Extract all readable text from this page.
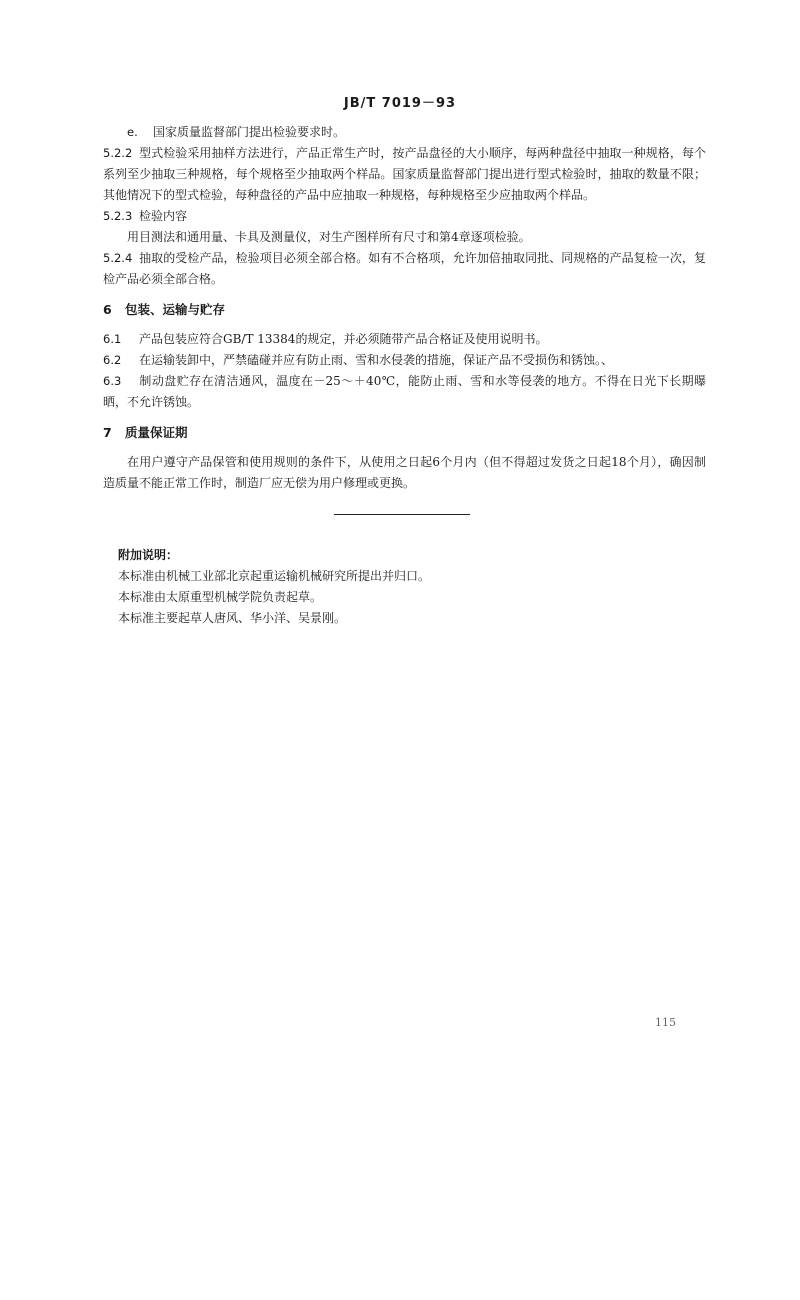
JB/T 7019－93

e. 国家质量监督部门提出检验要求时。

5.2.2 型式检验采用抽样方法进行，产品正常生产时，按产品盘径的大小顺序，每两种盘径中抽取一种规格，每个系列至少抽取三种规格，每个规格至少抽取两个样品。国家质量监督部门提出进行型式检验时，抽取的数量不限；其他情况下的型式检验，每种盘径的产品中应抽取一种规格，每种规格至少应抽取两个样品。

5.2.3 检验内容

用目测法和通用量、卡具及测量仪，对生产图样所有尺寸和第4章逐项检验。

5.2.4 抽取的受检产品，检验项目必须全部合格。如有不合格项，允许加倍抽取同批、同规格的产品复检一次，复检产品必须全部合格。

6 包装、运输与贮存

6.1 产品包装应符合GB/T 13384的规定，并必须随带产品合格证及使用说明书。

6.2 在运输装卸中，严禁磕碰并应有防止雨、雪和水侵袭的措施，保证产品不受损伤和锈蚀。、

6.3 制动盘贮存在清洁通风，温度在－25～＋40℃，能防止雨、雪和水等侵袭的地方。不得在日光下长期曝晒，不允许锈蚀。

7 质量保证期

在用户遵守产品保管和使用规则的条件下，从使用之日起6个月内（但不得超过发货之日起18个月），确因制造质量不能正常工作时，制造厂应无偿为用户修理或更换。

附加说明：
本标准由机械工业部北京起重运输机械研究所提出并归口。
本标准由太原重型机械学院负责起草。
本标准主要起草人唐风、华小洋、吴景刚。
115
